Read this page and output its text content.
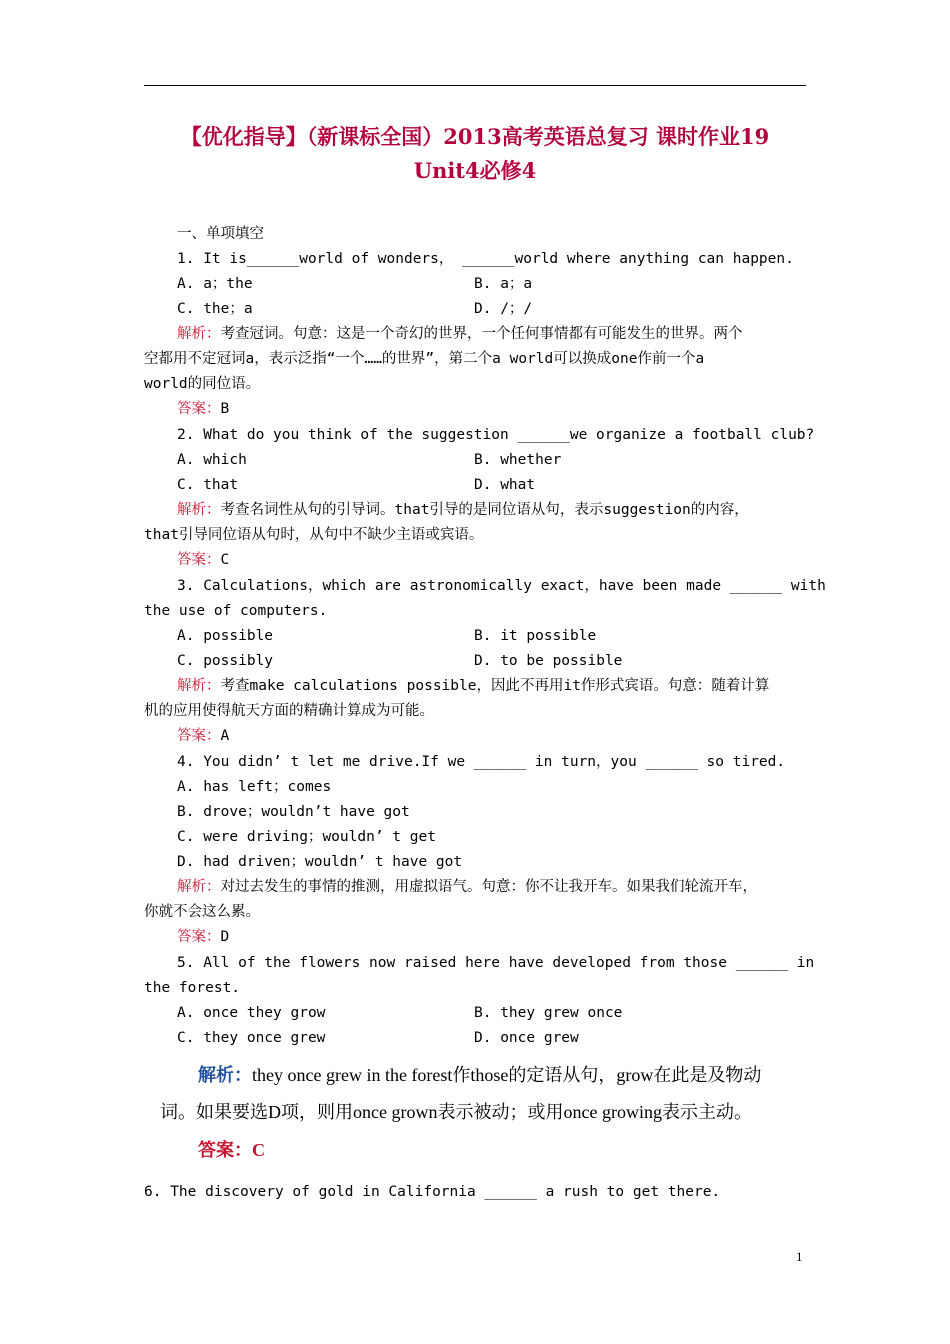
【优化指导】（新课标全国）2013高考英语总复习 课时作业19
Unit4必修4
一、单项填空
1. It is______world of wonders， ______world where anything can happen.
A. a；the	B. a；a
C. the；a	D. /；/
解析：考查冠词。句意：这是一个奇幻的世界，一个任何事情都有可能发生的世界。两个
空都用不定冠词a，表示泛指“一个……的世界”，第二个a world可以换成one作前一个a
world的同位语。
答案：B
2. What do you think of the suggestion ______we organize a football club?
A. which	B. whether
C. that	D. what
解析：考查名词性从句的引导词。that引导的是同位语从句，表示suggestion的内容，
that引导同位语从句时，从句中不缺少主语或宾语。
答案：C
3. Calculations，which are astronomically exact，have been made ______ with
the use of computers.
A. possible	B. it possible
C. possibly	D. to be possible
解析：考查make calculations possible，因此不再用it作形式宾语。句意：随着计算
机的应用使得航天方面的精确计算成为可能。
答案：A
4. You didn’ t let me drive.If we ______ in turn，you ______ so tired.
A. has left；comes
B. drove；wouldn’t have got
C. were driving；wouldn’ t get
D. had driven；wouldn’ t have got
解析：对过去发生的事情的推测，用虚拟语气。句意：你不让我开车。如果我们轮流开车，
你就不会这么累。
答案：D
5. All of the flowers now raised here have developed from those ______ in
the forest.
A. once they grow	B. they grew once
C. they once grew	D. once grew
解析：they once grew in the forest作those的定语从句，grow在此是及物动
词。如果要选D项，则用once grown表示被动；或用once growing表示主动。
答案：C
6. The discovery of gold in California ______ a rush to get there.
1
